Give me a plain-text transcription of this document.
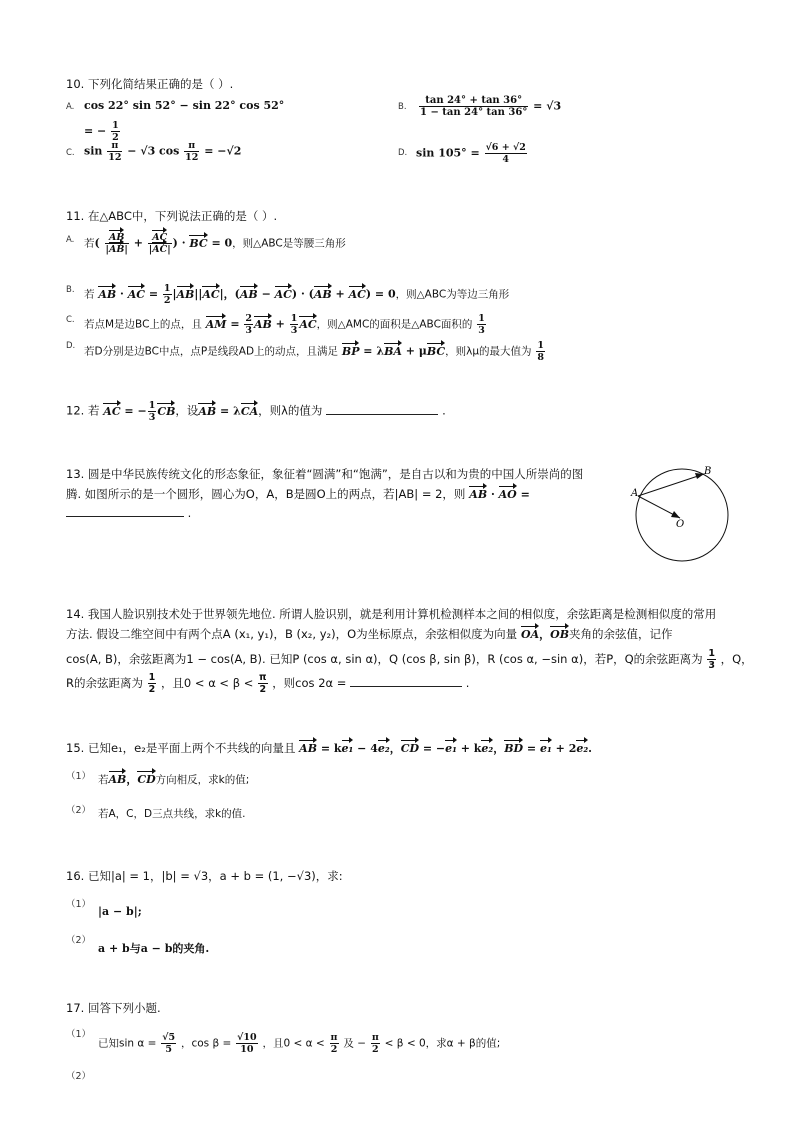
10. 下列化简结果正确的是（ ）.
A. cos 22° sin 52° − sin 22° cos 52°
= − $\frac{1}{2}$
B. $\frac{\tan 24^\circ + \tan 36^\circ}{1 - \tan 24^\circ \tan 36^\circ} = √3$
C. $\sin \frac{\pi}{12} - √3$ $\cos \frac{\pi}{12} = -√2$	D. $\sin 105^\circ = \frac{√6 + √2}{4}$
11. 在△ABC中，下列说法正确的是（ ）.
A. 若( $\frac{AB}{|AB|} + \frac{AC}{|AC|}$ ) · BC = 0，则△ABC是等腰三角形
B. 若 AB · AC = $\frac{1}{2} |AB||AC|$，(AB − AC) · (AB + AC) = 0，则△ABC为等边三角形
C. 若点M是边BC上的点，且 AM = $\frac{2}{3}$ AB + $\frac{1}{3}$ AC，则△AMC的面积是△ABC面积的 $\frac{1}{3}$
D. 若D分别是边BC中点，点P是线段AD上的动点，且满足 BP = λBA + μBC，则λμ的最大值为 $\frac{1}{8}$
12. 若 AC = − $\frac{1}{3}$ CB，设AB = λCA，则λ的值为	.
13. 圆是中华民族传统文化的形态象征，象征着“圆满”和“饱满”，是自古以和为贵的中国人所崇尚的图
腾. 如图所示的是一个圆形，圆心为O，A，B是圆O上的两点，若|AB| = 2，则 AB · AO =
.
A
B
O
14. 我国人脸识别技术处于世界领先地位. 所谓人脸识别，就是利用计算机检测样本之间的相似度，余弦距离是检测相似度的常用
方法. 假设二维空间中有两个点A (x₁, y₁)，B (x₂, y₂)，O为坐标原点，余弦相似度为向量 OA，OB夹角的余弦值，记作
cos(A, B)，余弦距离为1 − cos(A, B). 已知P (cos α, sin α)，Q (cos β, sin β)，R (cos α, −sin α)，若P，Q的余弦距离为 $\frac{1}{3}$ ，Q，
R的余弦距离为 $\frac{1}{2}$ ，且$0 < \alpha < \beta < \frac{\pi}{2}$ ，则cos 2α =	.
15. 已知e₁，e₂是平面上两个不共线的向量且 AB = ke₁ − 4e₂，CD = −e₁ + ke₂，BD = e₁ + 2e₂.
（1） 若AB，CD方向相反，求k的值;
（2） 若A，C，D三点共线，求k的值.
16. 已知|a| = 1，|b| = √3，a + b = (1, −√3)，求:
（1）
|a − b|;
（2）
a + b与a − b的夹角.
17. 回答下列小题.
（1）
已知$\sin \alpha = \frac{√5}{5}$ ，$\cos \beta = \frac{√10}{10}$ ，且$0 < \alpha < \frac{\pi}{2}$ 及 − $\frac{\pi}{2} < \beta < 0$，求α + β的值;
（2）
